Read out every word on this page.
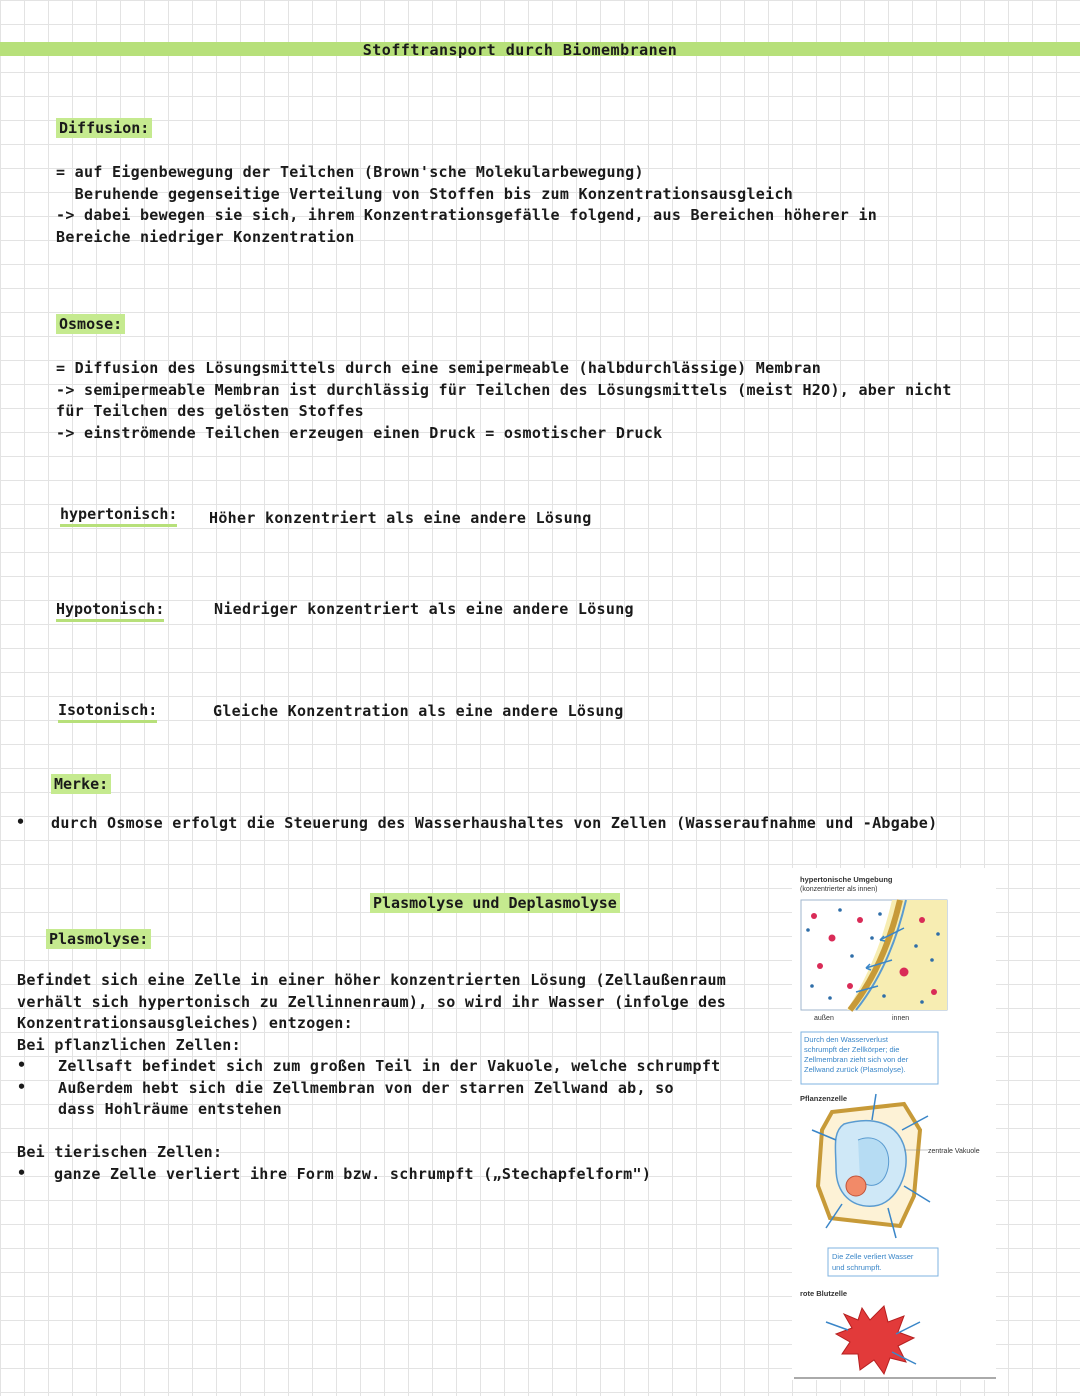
Stofftransport durch Biomembranen
Diffusion:
= auf Eigenbewegung der Teilchen (Brown'sche Molekularbewegung)
Beruhende gegenseitige Verteilung von Stoffen bis zum Konzentrationsausgleich
-> dabei bewegen sie sich, ihrem Konzentrationsgefälle folgend, aus Bereichen höherer in
Bereiche niedriger Konzentration
Osmose:
= Diffusion des Lösungsmittels durch eine semipermeable (halbdurchlässige) Membran
-> semipermeable Membran ist durchlässig für Teilchen des Lösungsmittels (meist H2O), aber nicht
für Teilchen des gelösten Stoffes
-> einströmende Teilchen erzeugen einen Druck = osmotischer Druck
hypertonisch: Höher konzentriert als eine andere Lösung
Hypotonisch:	Niedriger konzentriert als eine andere Lösung
Isotonisch:	Gleiche Konzentration als eine andere Lösung
Merke:
• durch Osmose erfolgt die Steuerung des Wasserhaushaltes von Zellen (Wasseraufnahme und -Abgabe)
Plasmolyse und Deplasmolyse
Plasmolyse:
Befindet sich eine Zelle in einer höher konzentrierten Lösung (Zellaußenraum
verhält sich hypertonisch zu Zellinnenraum), so wird ihr Wasser (infolge des
Konzentrationsausgleiches) entzogen:
Bei pflanzlichen Zellen:
• Zellsaft befindet sich zum großen Teil in der Vakuole, welche schrumpft
• Außerdem hebt sich die Zellmembran von der starren Zellwand ab, so
dass Hohlräume entstehen
Bei tierischen Zellen:
• ganze Zelle verliert ihre Form bzw. schrumpft („Stechapfelform")
hypertonische Umgebung
(konzentrierter als innen)
außen	innen
Durch den Wasserverlust
schrumpft der Zellkörper; die
Zellmembran zieht sich von der
Zellwand zurück (Plasmolyse).
Pflanzenzelle
zentrale Vakuole
Die Zelle verliert Wasser
und schrumpft.
rote Blutzelle
